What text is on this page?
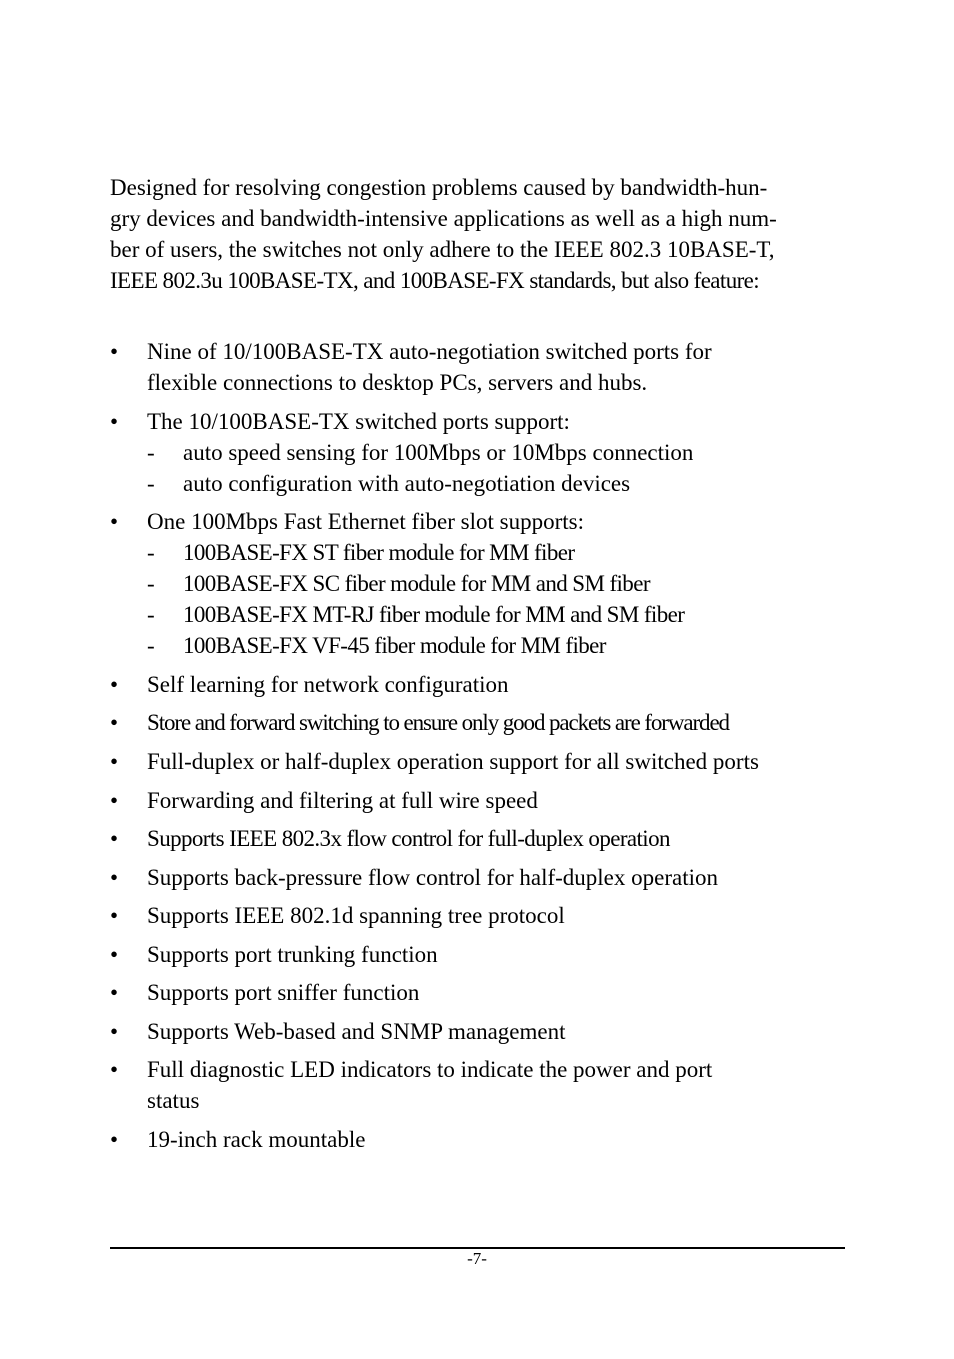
Designed for resolving congestion problems caused by bandwidth-hun-
gry devices and bandwidth-intensive applications as well as a high num-
ber of users, the switches not only adhere to the IEEE 802.3 10BASE-T,
IEEE 802.3u 100BASE-TX, and 100BASE-FX standards, but also feature:

•	Nine of 10/100BASE-TX auto-negotiation switched ports for
flexible connections to desktop PCs, servers and hubs.
•	The 10/100BASE-TX switched ports support:
- auto speed sensing for 100Mbps or 10Mbps connection
- auto configuration with auto-negotiation devices
•	One 100Mbps Fast Ethernet fiber slot supports:
- 100BASE-FX ST fiber module for MM fiber
- 100BASE-FX SC fiber module for MM and SM fiber
- 100BASE-FX MT-RJ fiber module for MM and SM fiber
- 100BASE-FX VF-45 fiber module for MM fiber
•	Self learning for network configuration
•	Store and forward switching to ensure only good packets are forwarded
•	Full-duplex or half-duplex operation support for all switched ports
•	Forwarding and filtering at full wire speed
•	Supports IEEE 802.3x flow control for full-duplex operation
•	Supports back-pressure flow control for half-duplex operation
•	Supports IEEE 802.1d spanning tree protocol
•	Supports port trunking function
•	Supports port sniffer function
•	Supports Web-based and SNMP management
•	Full diagnostic LED indicators to indicate the power and port
status
•	19-inch rack mountable
-7-
